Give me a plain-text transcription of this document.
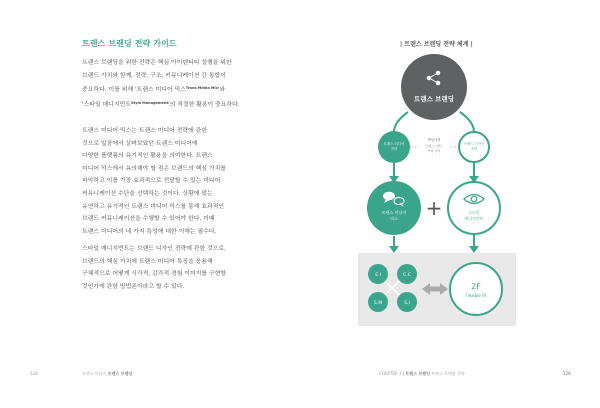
트랜스 브랜딩 전략 가이드
트랜스 브랜딩을 위한 전략은 핵심 아이덴티티 설행을 위한
브랜드 가치와 함께, 전략, 구조, 커뮤니케이션 간 통합이
중요하다. 이를 위해 '트랜스 미디어 믹스$^{Trans Media Mix}$'와
'스타일 매니지먼트$^{Style Management}$'의 적절한 활용이 중요하다.
트랜스 미디어 믹스는 트랜스 미디어 전략에 관한
것으로 앞장에서 살펴보았던 트랜스 미디어에
다양한 플랫폼의 유기적인 활용을 의미한다. 트랜스
미디어 믹스에서 유의해야 할 점은 브랜드의 핵심 가치를
파악하고 이를 가장 효과적으로 전달할 수 있는 미디어
커뮤니케이션 수단을 선택하는 것이다. 상황에 맞는
유연하고 유기적인 트랜스 미디어 믹스를 통해 효과적인
브랜드 커뮤니케이션을 수행할 수 있어야 한다. 이때
트랜스 미디어의 네 가지 특성에 대한 이해는 필수다.
스타일 매니지먼트는 브랜드 디자인 전략에 관한 것으로,
브랜드의 핵심 가치에 트랜스 미디어 특징을 응용해
구체적으로 어떻게 시각적, 감각적 경험 이미지를 구현할
것인가에 관한 방법론이라고 할 수 있다.
| 트랜스 브랜딩 전략 체계 |
트랜스 브랜딩
트랜스 미디어
전략
핵심가치
트랜스브랜드
가치 가치
브랜드 디자인
전략
트랜스 미디어
믹스 +	스타일
매니지먼트
E.I	C.C
S.M	S.I
2F
Flexible Fit
128	트랜스 미디어 트랜스 브랜딩	CHAPTER 3 | 트랜스 브랜딩 트랜스 브랜딩 전략	129
